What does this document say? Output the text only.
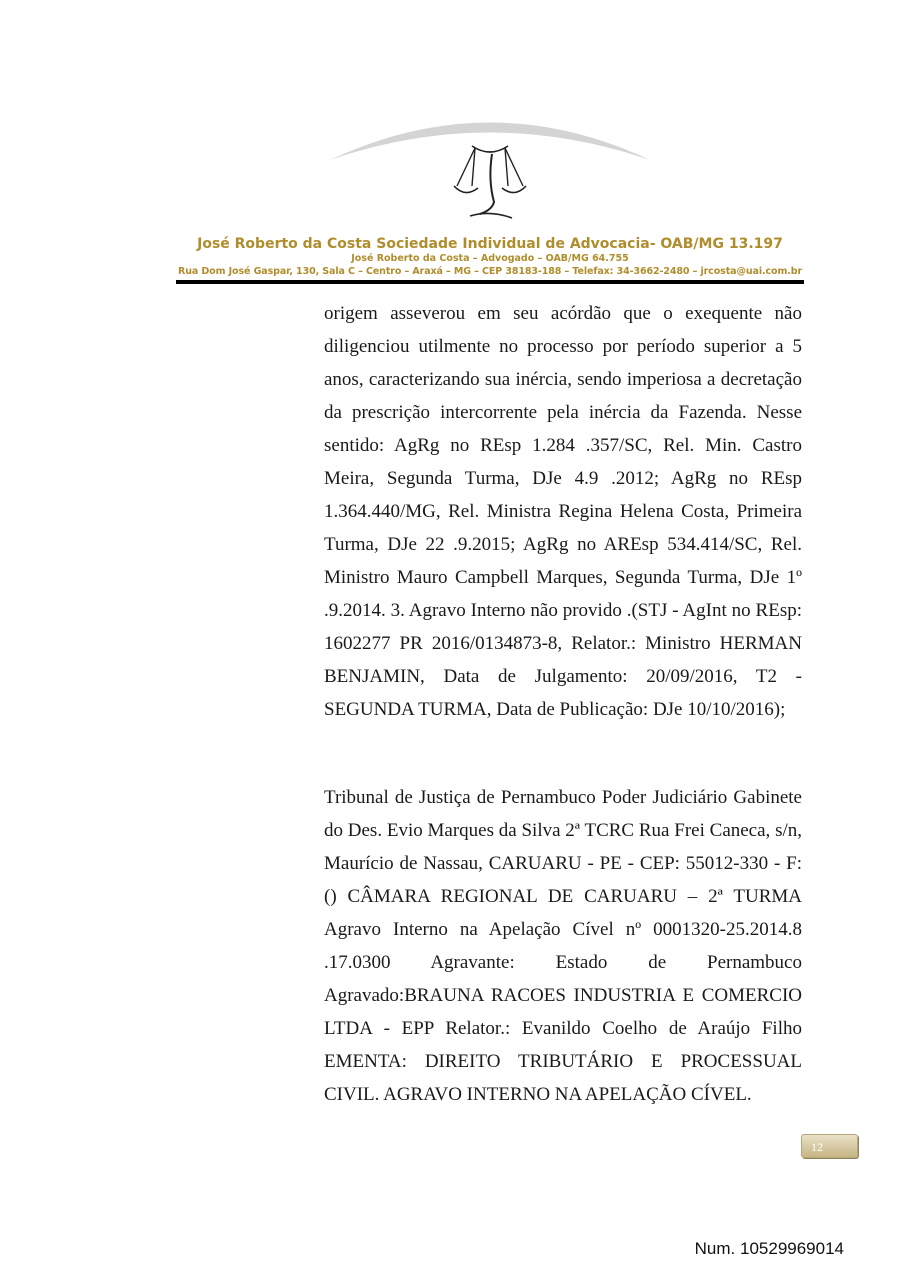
José Roberto da Costa Sociedade Individual de Advocacia- OAB/MG 13.197
José Roberto da Costa – Advogado – OAB/MG 64.755
Rua Dom José Gaspar, 130, Sala C – Centro – Araxá – MG – CEP 38183-188 – Telefax: 34-3662-2480 – jrcosta@uai.com.br

origem asseverou em seu acórdão que o exequente não diligenciou utilmente no processo por período superior a 5 anos, caracterizando sua inércia, sendo imperiosa a decretação da prescrição intercorrente pela inércia da Fazenda. Nesse sentido: AgRg no REsp 1.284 .357/SC, Rel. Min. Castro Meira, Segunda Turma, DJe 4.9 .2012; AgRg no REsp 1.364.440/MG, Rel. Ministra Regina Helena Costa, Primeira Turma, DJe 22 .9.2015; AgRg no AREsp 534.414/SC, Rel. Ministro Mauro Campbell Marques, Segunda Turma, DJe 1º .9.2014. 3. Agravo Interno não provido .(STJ - AgInt no REsp: 1602277 PR 2016/0134873-8, Relator.: Ministro HERMAN BENJAMIN, Data de Julgamento: 20/09/2016, T2 - SEGUNDA TURMA, Data de Publicação: DJe 10/10/2016);

Tribunal de Justiça de Pernambuco Poder Judiciário Gabinete do Des. Evio Marques da Silva 2ª TCRC Rua Frei Caneca, s/n, Maurício de Nassau, CARUARU - PE - CEP: 55012-330 - F:() CÂMARA REGIONAL DE CARUARU – 2ª TURMA Agravo Interno na Apelação Cível nº 0001320-25.2014.8 .17.0300 Agravante: Estado de Pernambuco Agravado:BRAUNA RACOES INDUSTRIA E COMERCIO LTDA - EPP Relator.: Evanildo Coelho de Araújo Filho EMENTA: DIREITO TRIBUTÁRIO E PROCESSUAL CIVIL. AGRAVO INTERNO NA APELAÇÃO CÍVEL.

12
Num. 10529969014
